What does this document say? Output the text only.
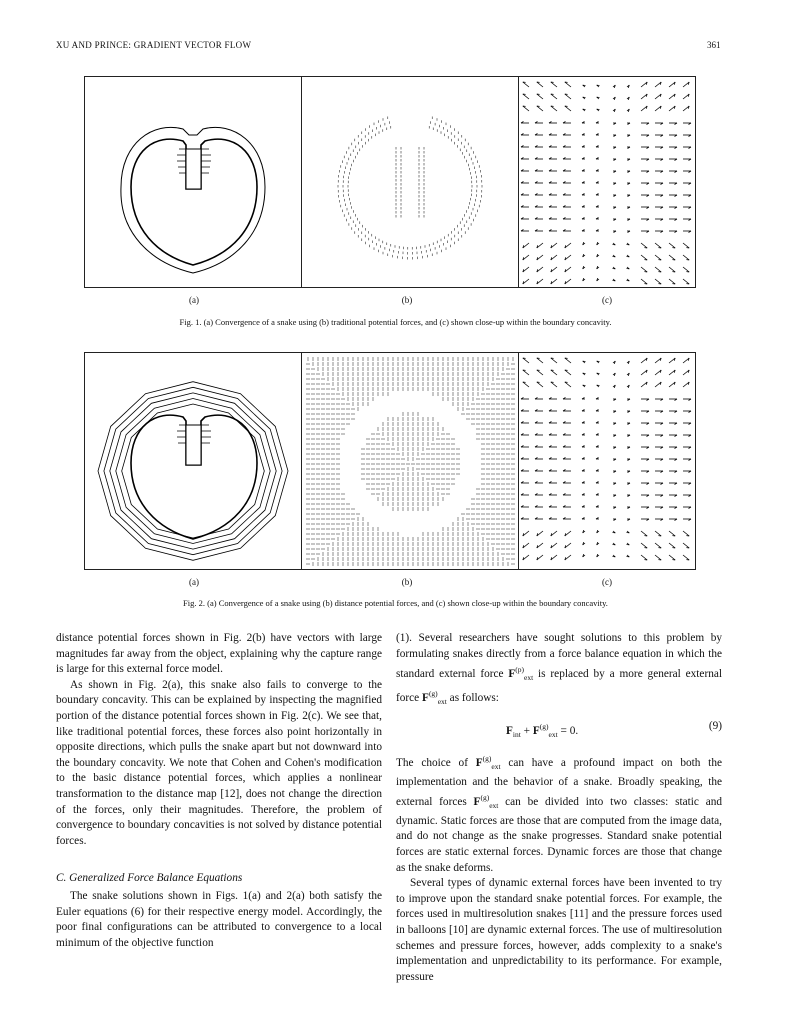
XU AND PRINCE: GRADIENT VECTOR FLOW	361
(a)	(b)	(c)
Fig. 1. (a) Convergence of a snake using (b) traditional potential forces, and (c) shown close-up within the boundary concavity.
(a)	(b)	(c)
Fig. 2. (a) Convergence of a snake using (b) distance potential forces, and (c) shown close-up within the boundary concavity.

distance potential forces shown in Fig. 2(b) have vectors with large magnitudes far away from the object, explaining why the capture range is large for this external force model.

As shown in Fig. 2(a), this snake also fails to converge to the boundary concavity. This can be explained by inspecting the magnified portion of the distance potential forces shown in Fig. 2(c). We see that, like traditional potential forces, these forces also point horizontally in opposite directions, which pulls the snake apart but not downward into the boundary concavity. We note that Cohen and Cohen's modification to the basic distance potential forces, which applies a nonlinear transformation to the distance map [12], does not change the direction of the forces, only their magnitudes. Therefore, the problem of convergence to boundary concavities is not solved by distance potential forces.

C. Generalized Force Balance Equations

The snake solutions shown in Figs. 1(a) and 2(a) both satisfy the Euler equations (6) for their respective energy model. Accordingly, the poor final configurations can be attributed to convergence to a local minimum of the objective function

(1). Several researchers have sought solutions to this problem by formulating snakes directly from a force balance equation in which the standard external force $F^{(p)}_{ext}$ is replaced by a more general external force $F^{(g)}_{ext}$ as follows:

$F_{int} + F^{(g)}_{ext} = 0$.	(9)

The choice of $F^{(g)}_{ext}$ can have a profound impact on both the implementation and the behavior of a snake. Broadly speaking, the external forces $F^{(g)}_{ext}$ can be divided into two classes: static and dynamic. Static forces are those that are computed from the image data, and do not change as the snake progresses. Standard snake potential forces are static external forces. Dynamic forces are those that change as the snake deforms.

Several types of dynamic external forces have been invented to try to improve upon the standard snake potential forces. For example, the forces used in multiresolution snakes [11] and the pressure forces used in balloons [10] are dynamic external forces. The use of multiresolution schemes and pressure forces, however, adds complexity to a snake's implementation and unpredictability to its performance. For example, pressure
